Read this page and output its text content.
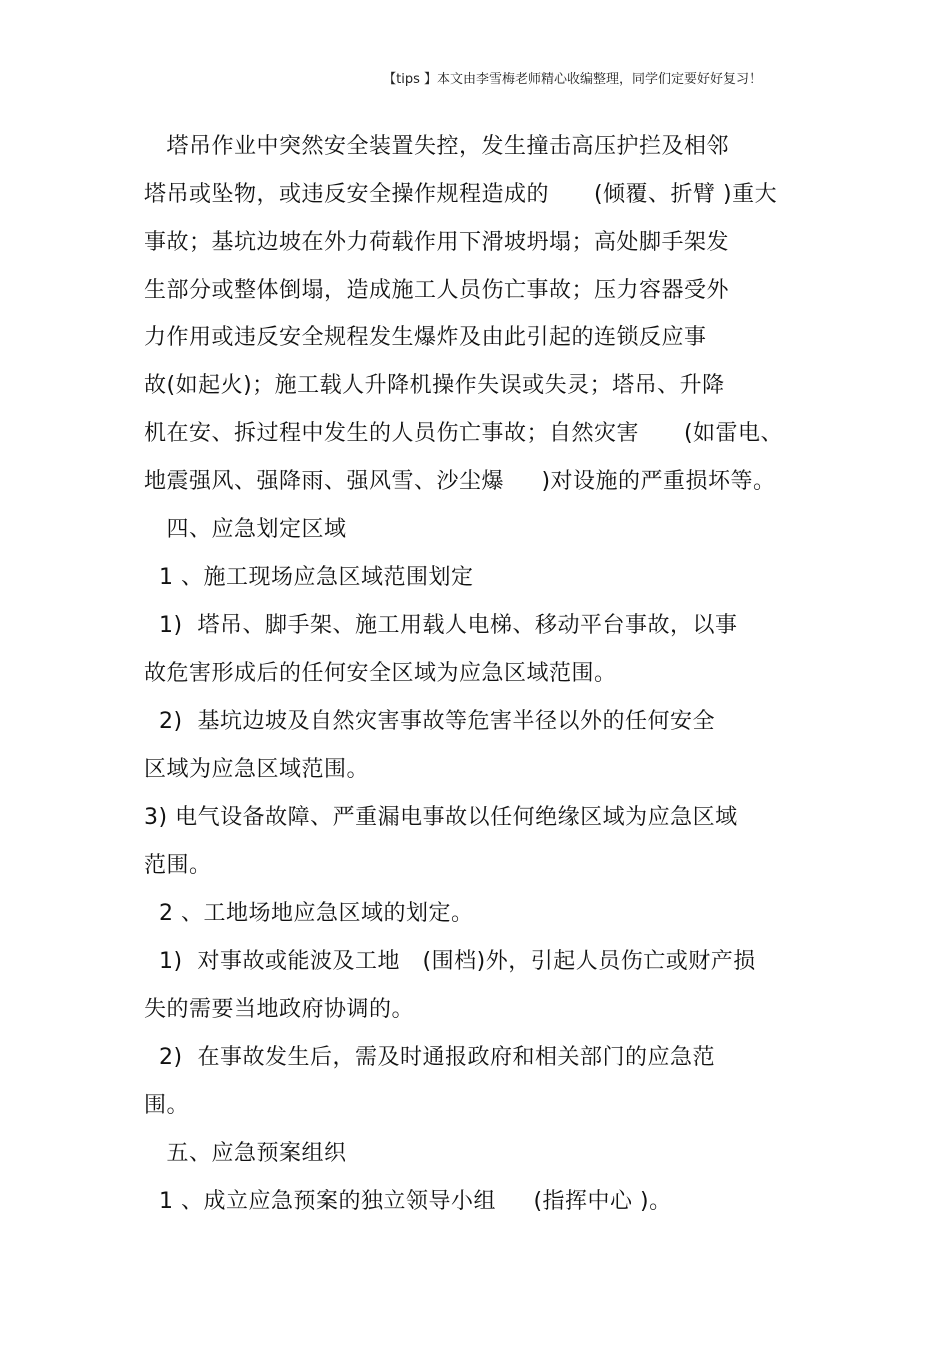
【tips 】本文由李雪梅老师精心收编整理，同学们定要好好复习！
塔吊作业中突然安全装置失控，发生撞击高压护拦及相邻
塔吊或坠物，或违反安全操作规程造成的      (倾覆、折臂 )重大
事故；基坑边坡在外力荷载作用下滑坡坍塌；高处脚手架发
生部分或整体倒塌，造成施工人员伤亡事故；压力容器受外
力作用或违反安全规程发生爆炸及由此引起的连锁反应事
故(如起火)；施工载人升降机操作失误或失灵；塔吊、升降
机在安、拆过程中发生的人员伤亡事故；自然灾害      (如雷电、
地震强风、强降雨、强风雪、沙尘爆     )对设施的严重损坏等。
四、应急划定区域
1 、施工现场应急区域范围划定
1)  塔吊、脚手架、施工用载人电梯、移动平台事故，以事
故危害形成后的任何安全区域为应急区域范围。
2)  基坑边坡及自然灾害事故等危害半径以外的任何安全
区域为应急区域范围。
3) 电气设备故障、严重漏电事故以任何绝缘区域为应急区域
范围。
2 、工地场地应急区域的划定。
1)  对事故或能波及工地   (围档)外，引起人员伤亡或财产损
失的需要当地政府协调的。
2)  在事故发生后，需及时通报政府和相关部门的应急范
围。
五、应急预案组织
1 、成立应急预案的独立领导小组     (指挥中心 )。
